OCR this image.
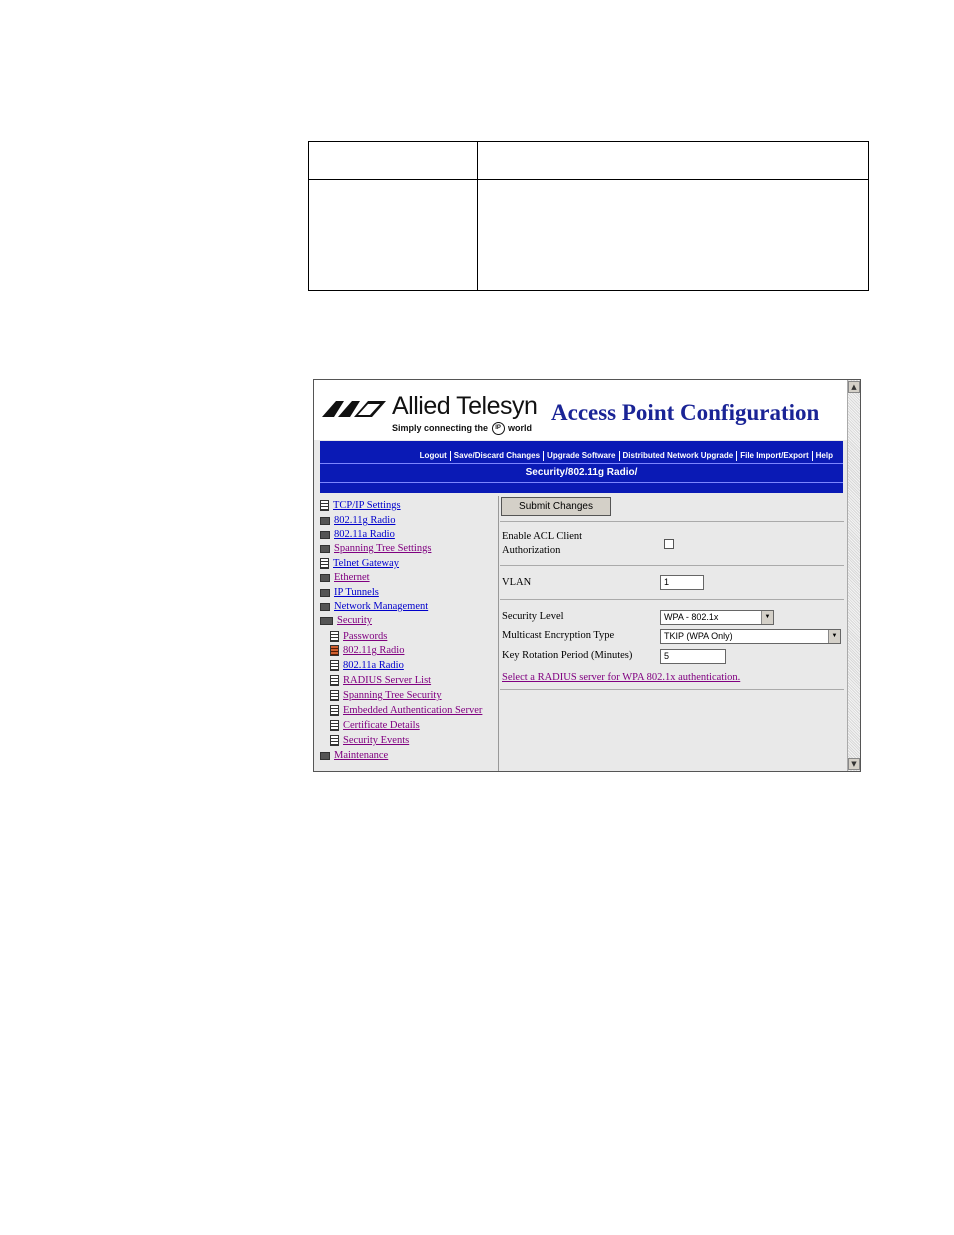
Allied Telesyn
Simply connecting the IP world
Access Point Configuration
Logout Save/Discard Changes Upgrade Software Distributed Network Upgrade File Import/Export Help
Security/802.11g Radio/
TCP/IP Settings
802.11g Radio
802.11a Radio
Spanning Tree Settings
Telnet Gateway
Ethernet
IP Tunnels
Network Management
Security
Passwords
802.11g Radio
802.11a Radio
RADIUS Server List
Spanning Tree Security
Embedded Authentication Server
Certificate Details
Security Events
Maintenance
Submit Changes
Enable ACL Client
Authorization
VLAN	1
Security Level	WPA - 802.1x	▼
Multicast Encryption Type	TKIP (WPA Only)	▼
Key Rotation Period (Minutes)	5
Select a RADIUS server for WPA 802.1x authentication.
▲
▼
